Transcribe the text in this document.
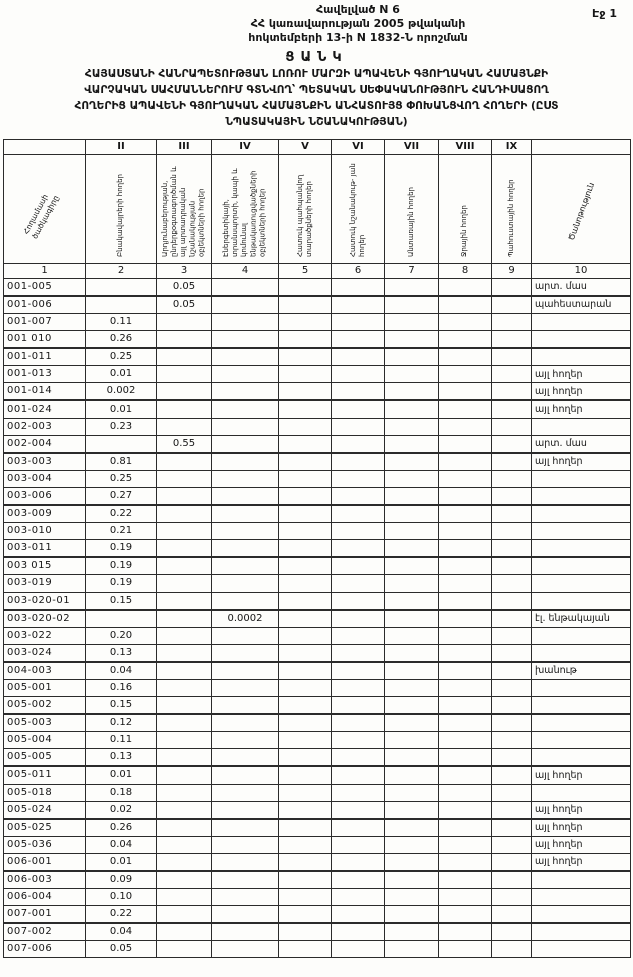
Էջ 1
Հավելված N 6
ՀՀ կառավարության 2005 թվականի
հոկտեմբերի 13-ի N 1832-Ն որոշման
ՑԱՆԿ
ՀԱՅԱՍՏԱՆԻ ՀԱՆՐԱՊԵՏՈՒԹՅԱՆ ԼՈՌՈՒ ՄԱՐԶԻ ԱՊԱՎԵՆԻ ԳՅՈՒՂԱԿԱՆ ՀԱՄԱՅՆՔԻ
ՎԱՐՉԱԿԱՆ ՍԱՀՄԱՆՆԵՐՈՒՄ ԳՏՆՎՈՂ՝ ՊԵՏԱԿԱՆ ՍԵՓԱԿԱՆՈՒԹՅՈՒՆ ՀԱՆԴԻՍԱՑՈՂ
ՀՈՂԵՐԻՑ ԱՊԱՎԵՆԻ ԳՅՈՒՂԱԿԱՆ ՀԱՄԱՅՆՔԻՆ ԱՆՀԱՏՈՒՅՑ ՓՈԽԱՆՑՎՈՂ ՀՈՂԵՐԻ (ԸՍՏ
ՆՊԱՏԱԿԱՅԻՆ ՆՇԱՆԱԿՈՒԹՅԱՆ)
	II	III	IV	V	VI	VII	VIII	IX	
Հողամասի ծածկագիրը	Բնակավայրերի հողեր	Արդյունաբերության, ընդերքօգտագործման և այլ արտադրական նշանակության օբյեկտների հողեր	Էներգետիկայի, տրանսպորտի, կապի և կոմունալ ենթակառուցվածքների օբյեկտների հողեր	Հատուկ պահպանվող տարածքների հողեր	Հատուկ նշանակութ- յան հողեր	Անտառային հողեր	Ջրային հողեր	Պահուստային հողեր	Ծանոթություն
1	2	3	4	5	6	7	8	9	10
001-005		0.05							արտ. մաս
001-006		0.05							պահեստարան
001-007	0.11								
001 010	0.26								
001-011	0.25								
001-013	0.01								այլ հողեր
001-014	0.002								այլ հողեր
001-024	0.01								այլ հողեր
002-003	0.23								
002-004		0.55							արտ. մաս
003-003	0.81								այլ հողեր
003-004	0.25								
003-006	0.27								
003-009	0.22								
003-010	0.21								
003-011	0.19								
003 015	0.19								
003-019	0.19								
003-020-01	0.15								
003-020-02			0.0002						էլ. ենթակայան
003-022	0.20								
003-024	0.13								
004-003	0.04								խանութ
005-001	0.16								
005-002	0.15								
005-003	0.12								
005-004	0.11								
005-005	0.13								
005-011	0.01								այլ հողեր
005-018	0.18								
005-024	0.02								այլ հողեր
005-025	0.26								այլ հողեր
005-036	0.04								այլ հողեր
006-001	0.01								այլ հողեր
006-003	0.09								
006-004	0.10								
007-001	0.22								
007-002	0.04								
007-006	0.05								
